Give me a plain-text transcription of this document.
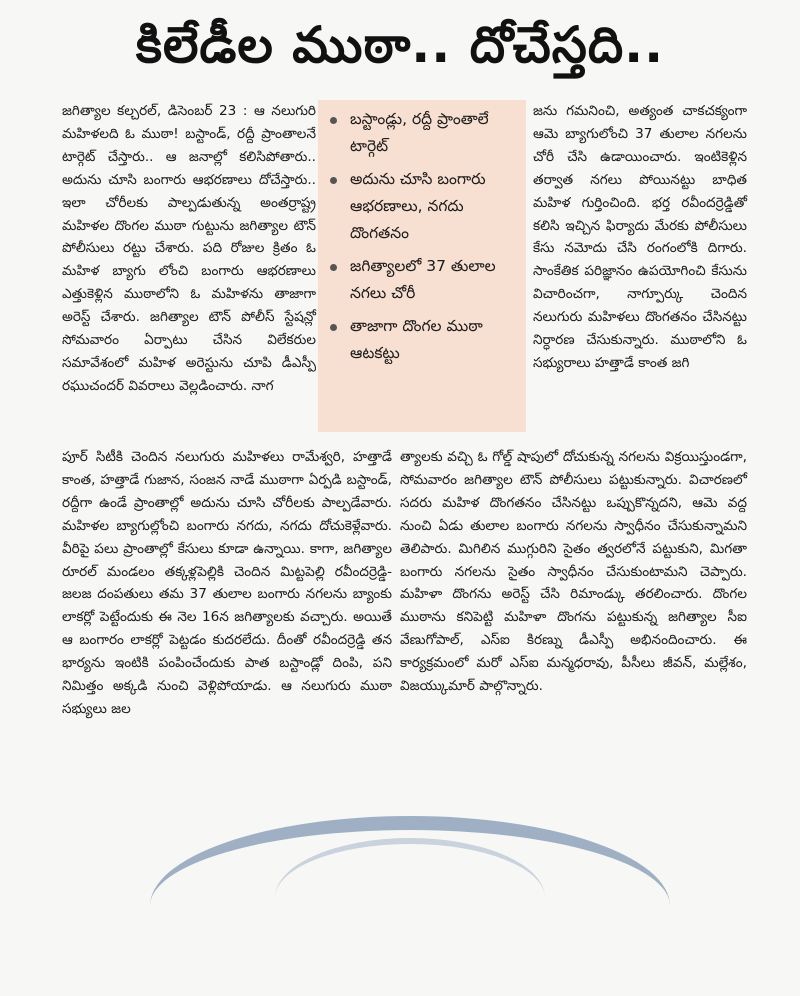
కిలేడీల ముఠా.. దోచేస్తది..

జగిత్యాల కల్చరల్, డిసెంబర్ 23 : ఆ నలుగురి మహిళలది ఓ ముఠా! బస్టాండ్, రద్దీ ప్రాంతాలనే టార్గెట్ చేస్తారు.. ఆ జనాల్లో కలిసిపోతారు.. అదును చూసి బంగారు ఆభరణాలు దోచేస్తారు.. ఇలా చోరీలకు పాల్పడుతున్న అంతర్రాష్ట్ర మహిళల దొంగల ముఠా గుట్టును జగిత్యాల టౌన్ పోలీసులు రట్టు చేశారు. పది రోజుల క్రితం ఓ మహిళ బ్యాగు లోంచి బంగారు ఆభరణాలు ఎత్తుకెళ్లిన ముఠాలోని ఓ మహిళను తాజాగా అరెస్ట్ చేశారు. జగిత్యాల టౌన్ పోలీస్ స్టేషన్లో సోమవారం ఏర్పాటు చేసిన విలేకరుల సమావేశంలో మహిళ అరెస్టును చూపి డీఎస్పీ రఘుచందర్ వివరాలు వెల్లడించారు. నాగ

బస్టాండ్లు, రద్దీ ప్రాంతాలే టార్గెట్
అదును చూసి బంగారు ఆభరణాలు, నగదు దొంగతనం
జగిత్యాలలో 37 తులాల నగలు చోరీ
తాజాగా దొంగల ముఠా ఆటకట్టు

జను గమనించి, అత్యంత చాకచక్యంగా ఆమె బ్యాగులోంచి 37 తులాల నగలను చోరీ చేసి ఉడాయించారు. ఇంటికెళ్లిన తర్వాత నగలు పోయినట్టు బాధిత మహిళ గుర్తించింది. భర్త రవీందర్రెడ్డితో కలిసి ఇచ్చిన ఫిర్యాదు మేరకు పోలీసులు కేసు నమోదు చేసి రంగంలోకి దిగారు. సాంకేతిక పరిజ్ఞానం ఉపయోగించి కేసును విచారించగా, నాగ్పూర్కు చెందిన నలుగురు మహిళలు దొంగతనం చేసినట్టు నిర్ధారణ చేసుకున్నారు. ముఠాలోని ఓ సభ్యురాలు హత్తాడే కాంత జగి

పూర్ సిటీకి చెందిన నలుగురు మహిళలు రామేశ్వరి, హత్తాడే కాంత, హత్తాడే గుజాన, సంజన నాడే ముఠాగా ఏర్పడి బస్టాండ్, రద్దీగా ఉండే ప్రాంతాల్లో అదును చూసి చోరీలకు పాల్పడేవారు. మహిళల బ్యాగుల్లోంచి బంగారు నగదు, నగదు దోచుకెళ్లేవారు. వీరిపై పలు ప్రాంతాల్లో కేసులు కూడా ఉన్నాయి. కాగా, జగిత్యాల రూరల్ మండలం తక్కళ్లపెల్లికి చెందిన మిట్టపెల్లి రవీందర్రెడ్డి-జలజ దంపతులు తమ 37 తులాల బంగారు నగలను బ్యాంకు లాకర్లో పెట్టేందుకు ఈ నెల 16న జగిత్యాలకు వచ్చారు. అయితే ఆ బంగారం లాకర్లో పెట్టడం కుదరలేదు. దీంతో రవీందర్రెడ్డి తన భార్యను ఇంటికి పంపించేందుకు పాత బస్టాండ్లో దింపి, పని నిమిత్తం అక్కడి నుంచి వెళ్లిపోయాడు. ఆ నలుగురు ముఠా సభ్యులు జల

త్యాలకు వచ్చి ఓ గోల్డ్ షాపులో దోచుకున్న నగలను విక్రయిస్తుండగా, సోమవారం జగిత్యాల టౌన్ పోలీసులు పట్టుకున్నారు. విచారణలో సదరు మహిళ దొంగతనం చేసినట్టు ఒప్పుకొన్నదని, ఆమె వద్ద నుంచి ఏడు తులాల బంగారు నగలను స్వాధీనం చేసుకున్నామని తెలిపారు. మిగిలిన ముగ్గురిని సైతం త్వరలోనే పట్టుకుని, మిగతా బంగారు నగలను సైతం స్వాధీనం చేసుకుంటామని చెప్పారు. మహిళా దొంగను అరెస్ట్ చేసి రిమాండ్కు తరలించారు. దొంగల ముఠాను కనిపెట్టి మహిళా దొంగను పట్టుకున్న జగిత్యాల సీఐ వేణుగోపాల్, ఎస్ఐ కిరణ్ను డీఎస్పీ అభినందించారు. ఈ కార్యక్రమంలో మరో ఎస్ఐ మన్మధరావు, పీసీలు జీవన్, మల్లేశం, విజయ్కుమార్ పాల్గొన్నారు.
